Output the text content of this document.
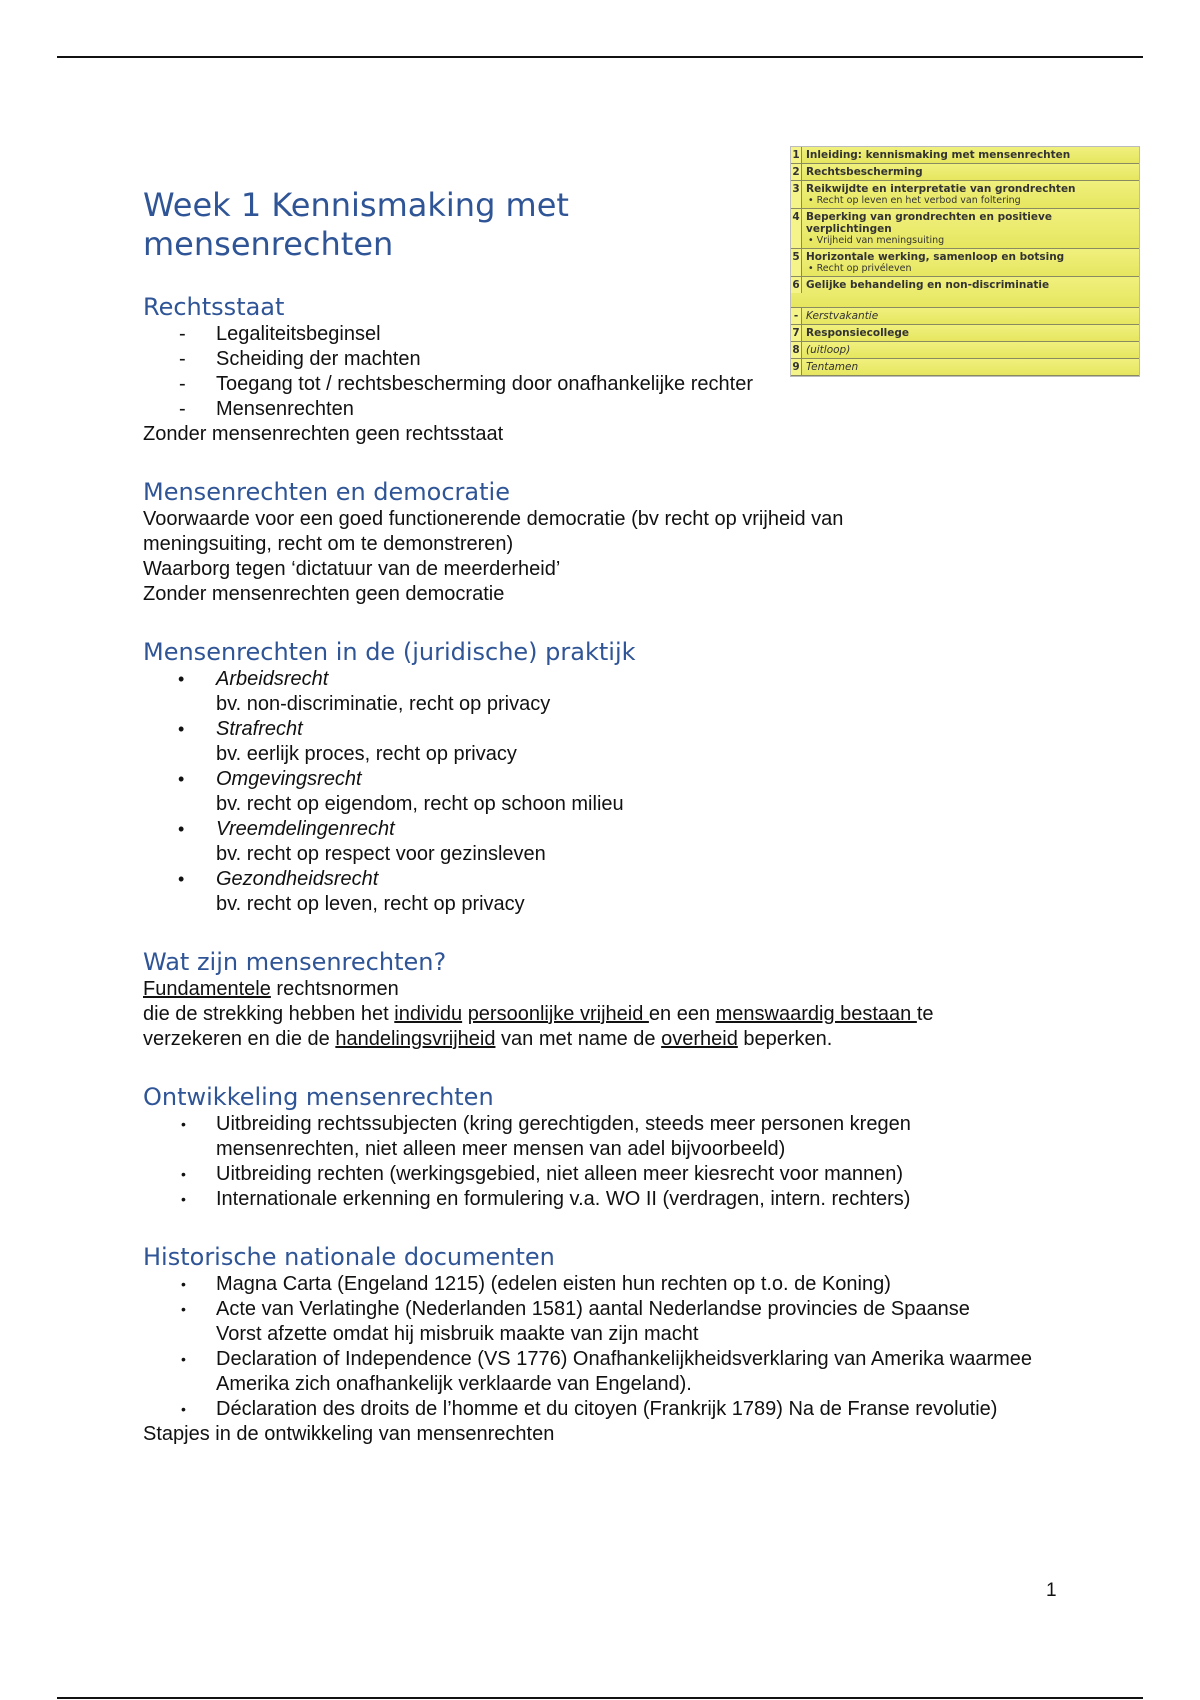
1 Inleiding: kennismaking met mensenrechten
2 Rechtsbescherming
3 Reikwijdte en interpretatie van grondrechten
• Recht op leven en het verbod van foltering
4 Beperking van grondrechten en positieve verplichtingen
• Vrijheid van meningsuiting
5 Horizontale werking, samenloop en botsing
• Recht op privéleven
6 Gelijke behandeling en non-discriminatie
- Kerstvakantie
7 Responsiecollege
8 (uitloop)
9 Tentamen
Week 1 Kennismaking met mensenrechten
Rechtsstaat
- Legaliteitsbeginsel
- Scheiding der machten
- Toegang tot / rechtsbescherming door onafhankelijke rechter
- Mensenrechten

Zonder mensenrechten geen rechtsstaat

Mensenrechten en democratie

Voorwaarde voor een goed functionerende democratie (bv recht op vrijheid van meningsuiting, recht om te demonstreren)

Waarborg tegen ‘dictatuur van de meerderheid’

Zonder mensenrechten geen democratie

Mensenrechten in de (juridische) praktijk
• Arbeidsrecht
bv. non-discriminatie, recht op privacy
• Strafrecht
bv. eerlijk proces, recht op privacy
• Omgevingsrecht
bv. recht op eigendom, recht op schoon milieu
• Vreemdelingenrecht
bv. recht op respect voor gezinsleven
• Gezondheidsrecht
bv. recht op leven, recht op privacy
Wat zijn mensenrechten?

Fundamentele rechtsnormen

die de strekking hebben het individu persoonlijke vrijheid en een menswaardig bestaan te verzekeren en die de handelingsvrijheid van met name de overheid beperken.

Ontwikkeling mensenrechten
• Uitbreiding rechtssubjecten (kring gerechtigden, steeds meer personen kregen mensenrechten, niet alleen meer mensen van adel bijvoorbeeld)
• Uitbreiding rechten (werkingsgebied, niet alleen meer kiesrecht voor mannen)
• Internationale erkenning en formulering v.a. WO II (verdragen, intern. rechters)
Historische nationale documenten
• Magna Carta (Engeland 1215) (edelen eisten hun rechten op t.o. de Koning)
• Acte van Verlatinghe (Nederlanden 1581) aantal Nederlandse provincies de Spaanse Vorst afzette omdat hij misbruik maakte van zijn macht
• Declaration of Independence (VS 1776) Onafhankelijkheidsverklaring van Amerika waarmee Amerika zich onafhankelijk verklaarde van Engeland).
• Déclaration des droits de l’homme et du citoyen (Frankrijk 1789) Na de Franse revolutie)

Stapjes in de ontwikkeling van mensenrechten

1
